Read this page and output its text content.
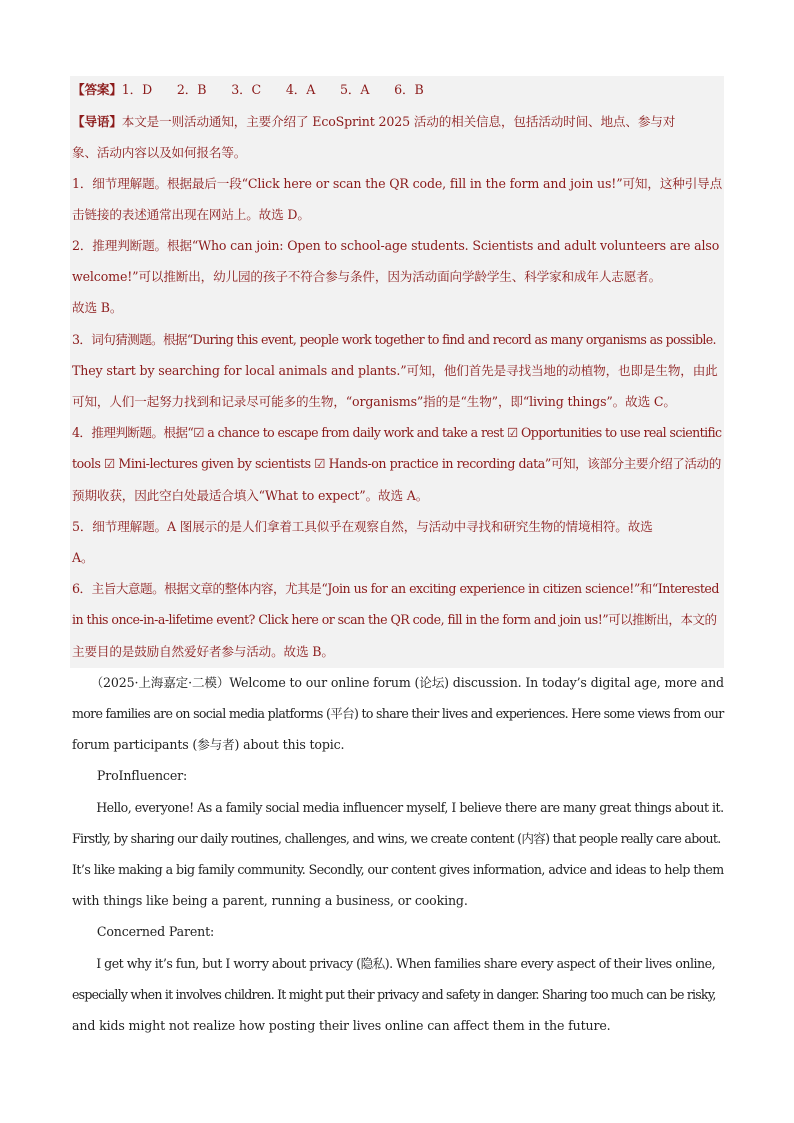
【答案】1．D　　2．B　　3．C　　4．A　　5．A　　6．B
【导语】本文是一则活动通知，主要介绍了 EcoSprint 2025 活动的相关信息，包括活动时间、地点、参与对
象、活动内容以及如何报名等。
1．细节理解题。根据最后一段“Click here or scan the QR code, fill in the form and join us!”可知，这种引导点
击链接的表述通常出现在网站上。故选 D。
2．推理判断题。根据“Who can join: Open to school-age students. Scientists and adult volunteers are also
welcome!”可以推断出，幼儿园的孩子不符合参与条件，因为活动面向学龄学生、科学家和成年人志愿者。
故选 B。
3．词句猜测题。根据“During this event, people work together to find and record as many organisms as possible.
They start by searching for local animals and plants.”可知，他们首先是寻找当地的动植物，也即是生物，由此
可知，人们一起努力找到和记录尽可能多的生物，“organisms”指的是“生物”，即“living things”。故选 C。
4．推理判断题。根据“☑ a chance to escape from daily work and take a rest ☑ Opportunities to use real scientific
tools ☑ Mini-lectures given by scientists ☑ Hands-on practice in recording data”可知，该部分主要介绍了活动的
预期收获，因此空白处最适合填入“What to expect”。故选 A。
5．细节理解题。A 图展示的是人们拿着工具似乎在观察自然，与活动中寻找和研究生物的情境相符。故选
A。
6．主旨大意题。根据文章的整体内容，尤其是“Join us for an exciting experience in citizen science!”和“Interested
in this once-in-a-lifetime event? Click here or scan the QR code, fill in the form and join us!”可以推断出，本文的
主要目的是鼓励自然爱好者参与活动。故选 B。
　　（2025·上海嘉定·二模）Welcome to our online forum (论坛) discussion. In today’s digital age, more and
more families are on social media platforms (平台) to share their lives and experiences. Here some views from our
forum participants (参与者) about this topic.
　　ProInfluencer:
　　Hello, everyone! As a family social media influencer myself, I believe there are many great things about it.
Firstly, by sharing our daily routines, challenges, and wins, we create content (内容) that people really care about.
It’s like making a big family community. Secondly, our content gives information, advice and ideas to help them
with things like being a parent, running a business, or cooking.
　　Concerned Parent:
　　I get why it’s fun, but I worry about privacy (隐私). When families share every aspect of their lives online,
especially when it involves children. It might put their privacy and safety in danger. Sharing too much can be risky,
and kids might not realize how posting their lives online can affect them in the future.
